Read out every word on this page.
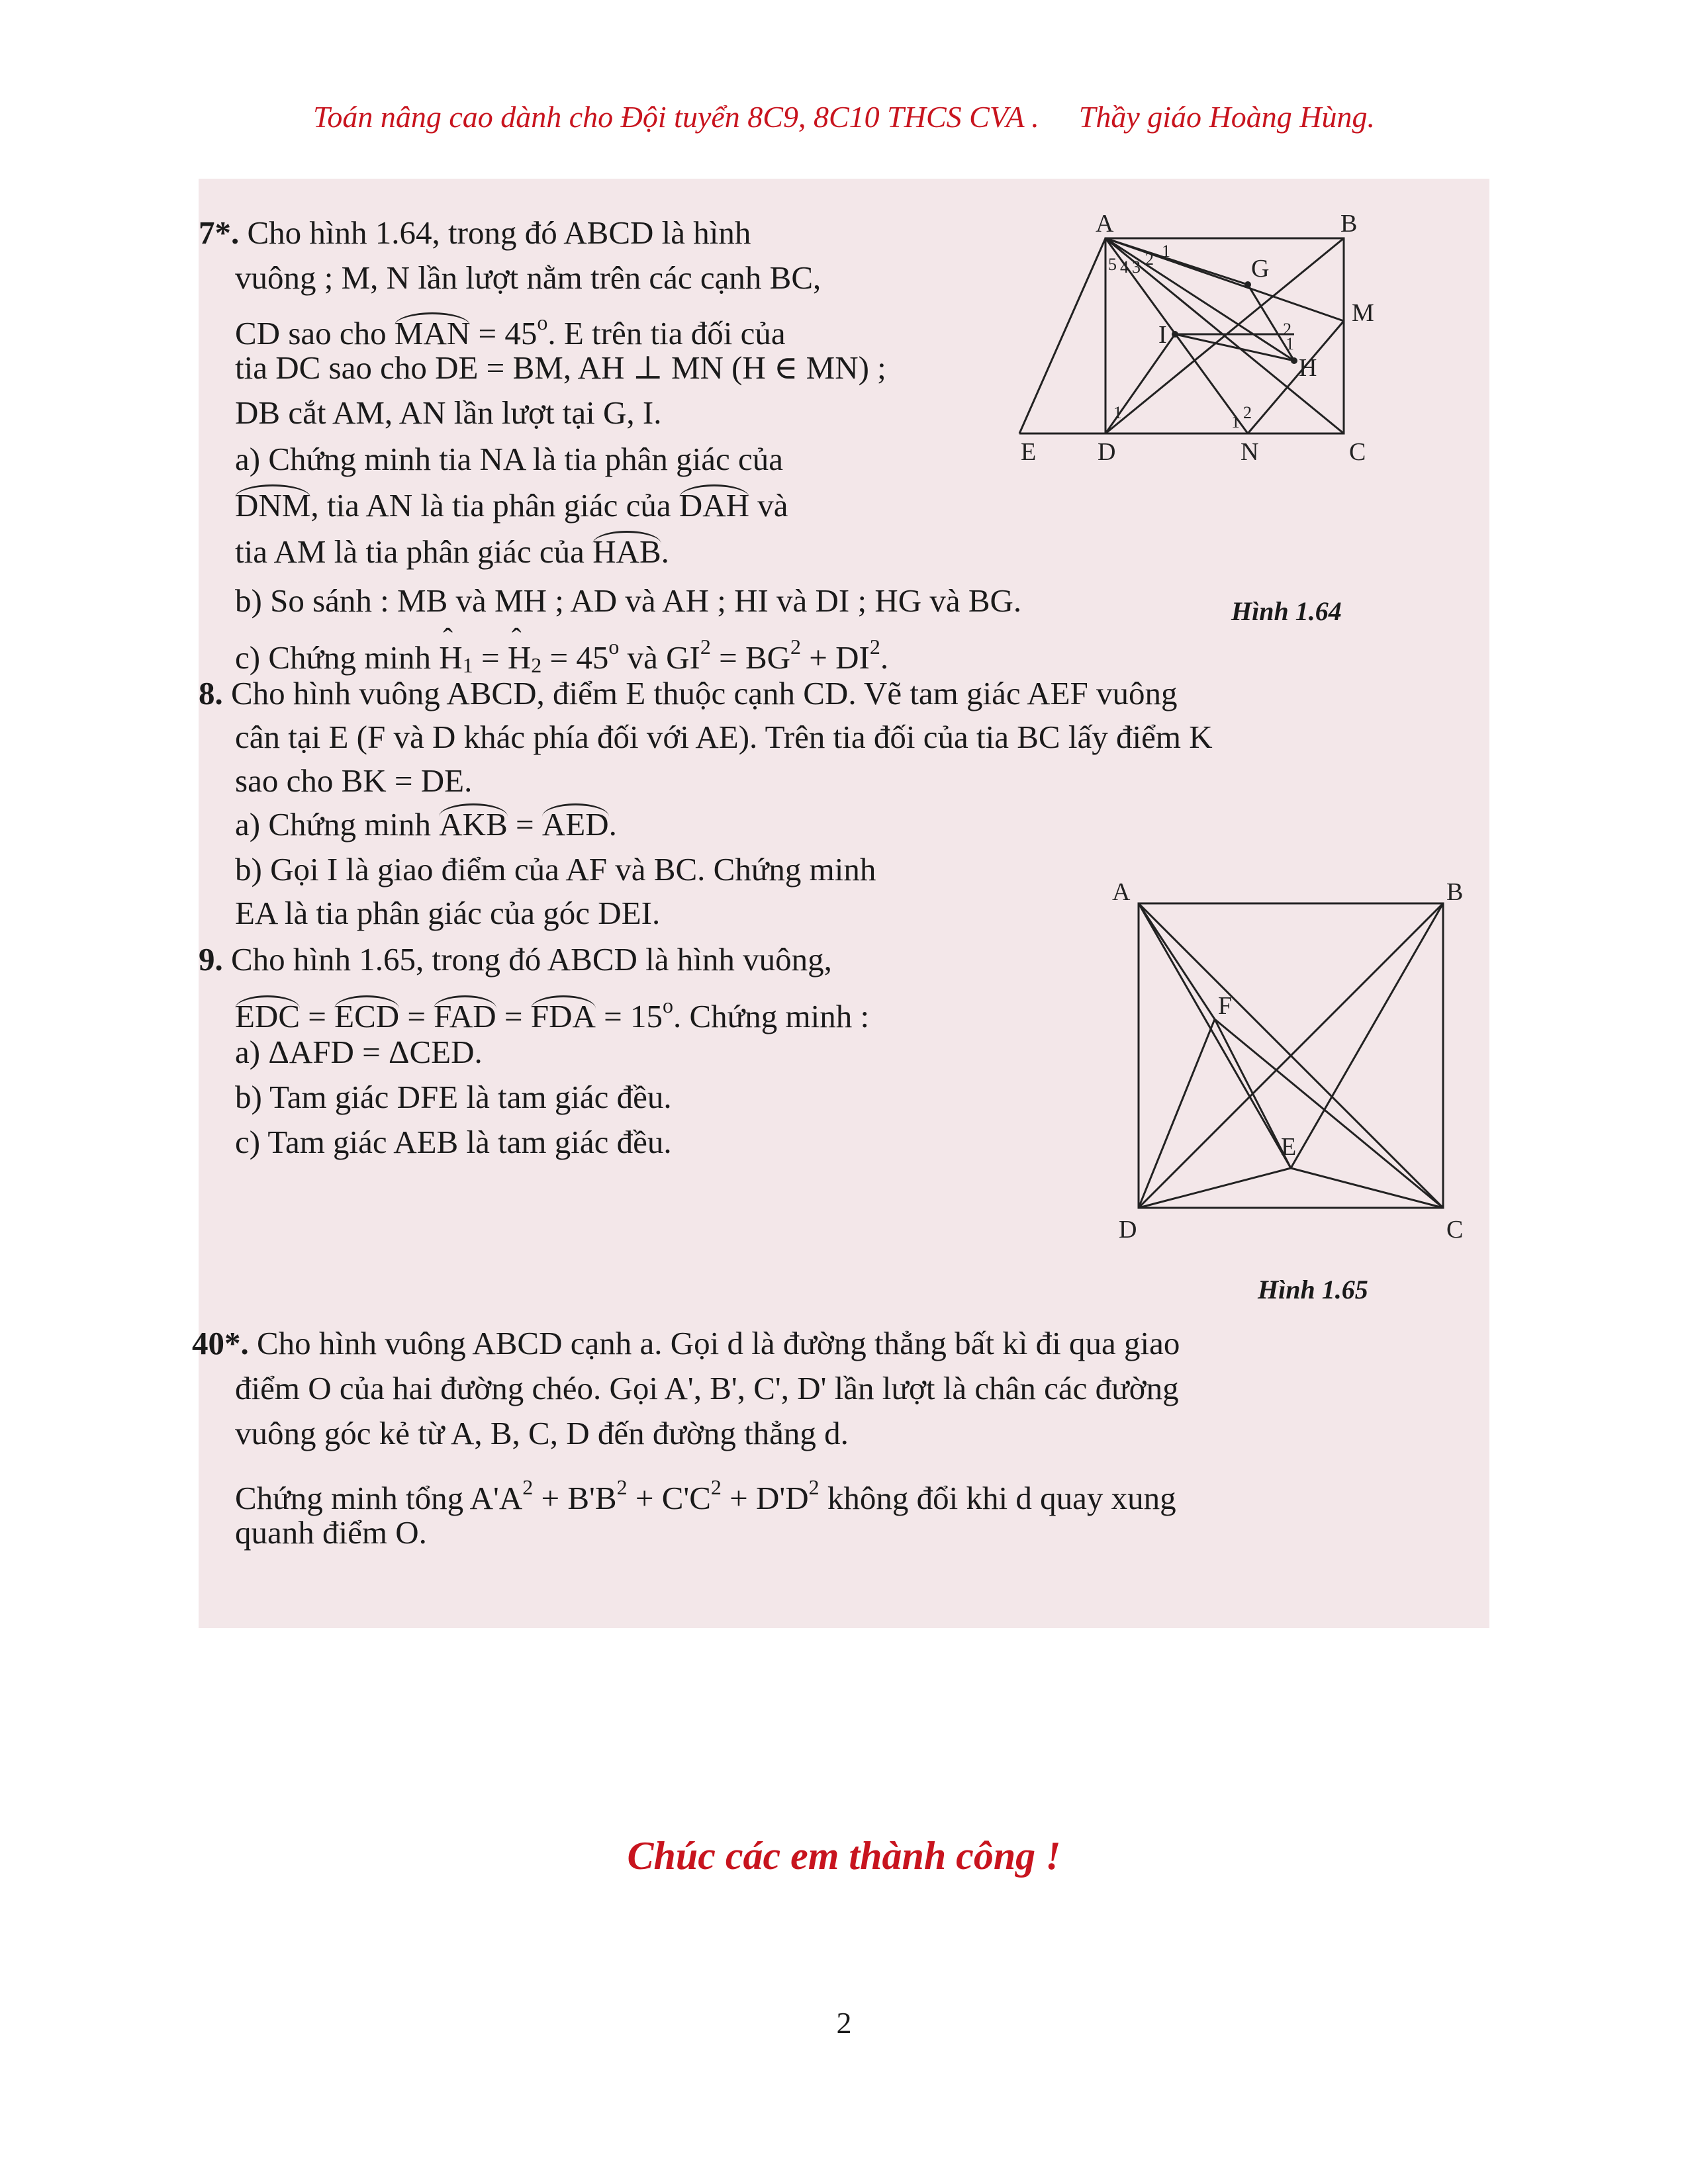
Toán nâng cao dành cho Đội tuyển 8C9, 8C10 THCS CVA . Thầy giáo Hoàng Hùng.
7*. Cho hình 1.64, trong đó ABCD là hình
vuông ; M, N lần lượt nằm trên các cạnh BC,
CD sao cho MAN = $45^o$. E trên tia đối của
tia DC sao cho DE = BM, AH ⊥ MN (H ∈ MN) ;
DB cắt AM, AN lần lượt tại G, I.
a) Chứng minh tia NA là tia phân giác của
DNM, tia AN là tia phân giác của DAH và
tia AM là tia phân giác của HAB.
b) So sánh : MB và MH ; AD và AH ; HI và DI ; HG và BG.
c) Chứng minh ˆ H1 = ˆ $H2 = 45^o$ và $GI^2 = BG^2 + DI^2$.
A	B
C
D
E	N
M
G
I
H
1
2
3
4
5
1
2
1	1 2
Hình 1.64
8. Cho hình vuông ABCD, điểm E thuộc cạnh CD. Vẽ tam giác AEF vuông
cân tại E (F và D khác phía đối với AE). Trên tia đối của tia BC lấy điểm K
sao cho BK = DE.
a) Chứng minh AKB = AED.
b) Gọi I là giao điểm của AF và BC. Chứng minh
EA là tia phân giác của góc DEI.
9. Cho hình 1.65, trong đó ABCD là hình vuông,
EDC = ECD = FAD = FDA = $15^o$. Chứng minh :
a) ΔAFD = ΔCED.
b) Tam giác DFE là tam giác đều.
c) Tam giác AEB là tam giác đều.
A	B
C
D
E
F
Hình 1.65
40*. Cho hình vuông ABCD cạnh a. Gọi d là đường thẳng bất kì đi qua giao
điểm O của hai đường chéo. Gọi A', B', C', D' lần lượt là chân các đường
vuông góc kẻ từ A, B, C, D đến đường thẳng d.
Chứng minh tổng $A'A^2 + B'B^2 + C'C^2 + D'D^2$ không đổi khi d quay xung
quanh điểm O.
Chúc các em thành công !
2
